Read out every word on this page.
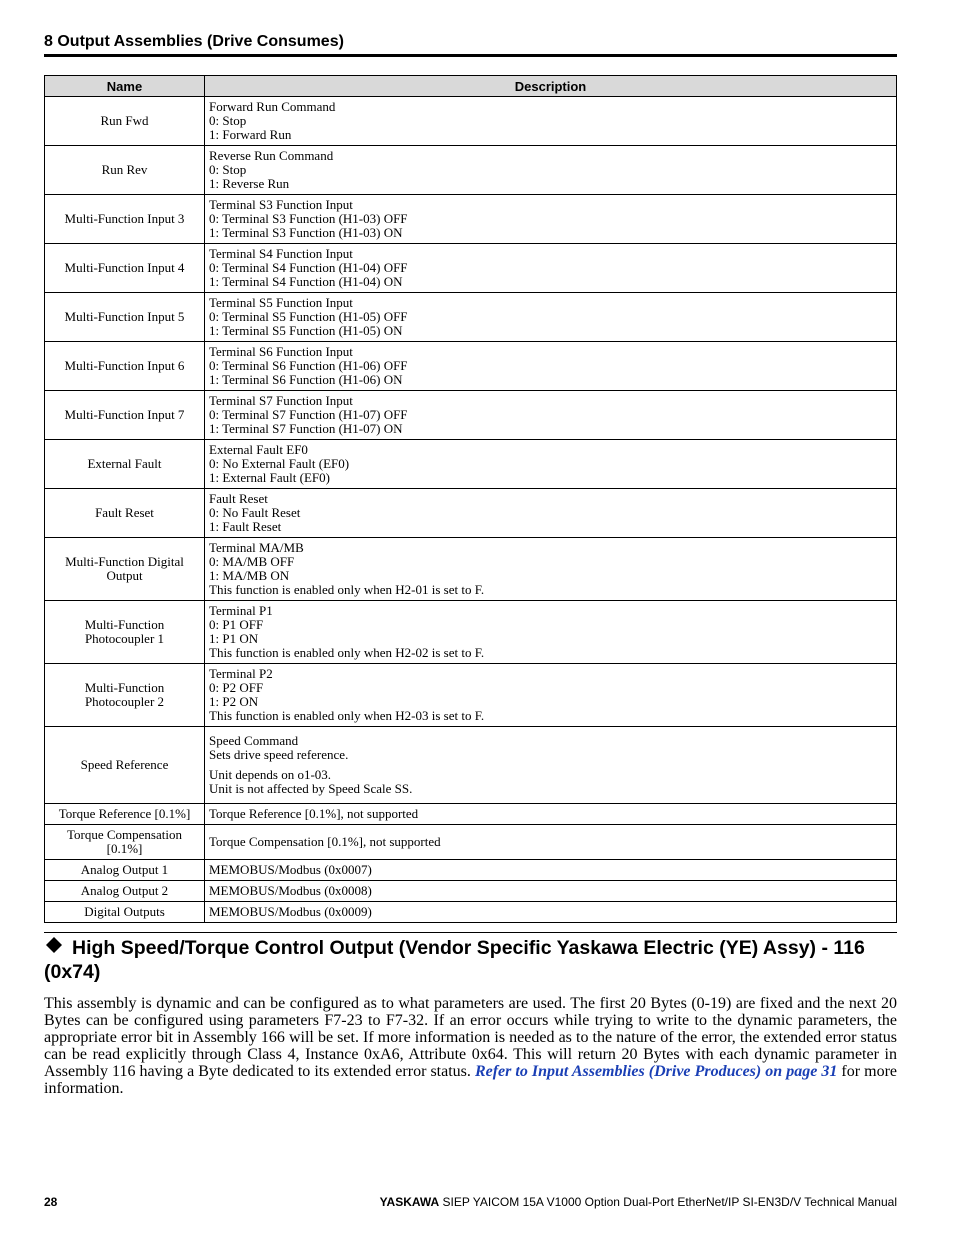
8 Output Assemblies (Drive Consumes)
Name	Description
Run Fwd	Forward Run Command
0: Stop
1: Forward Run

Run Rev	Reverse Run Command
0: Stop
1: Reverse Run

Multi-Function Input 3	Terminal S3 Function Input
0: Terminal S3 Function (H1-03) OFF
1: Terminal S3 Function (H1-03) ON

Multi-Function Input 4	Terminal S4 Function Input
0: Terminal S4 Function (H1-04) OFF
1: Terminal S4 Function (H1-04) ON

Multi-Function Input 5	Terminal S5 Function Input
0: Terminal S5 Function (H1-05) OFF
1: Terminal S5 Function (H1-05) ON

Multi-Function Input 6	Terminal S6 Function Input
0: Terminal S6 Function (H1-06) OFF
1: Terminal S6 Function (H1-06) ON

Multi-Function Input 7	Terminal S7 Function Input
0: Terminal S7 Function (H1-07) OFF
1: Terminal S7 Function (H1-07) ON

External Fault	External Fault EF0
0: No External Fault (EF0)
1: External Fault (EF0)

Fault Reset	Fault Reset
0: No Fault Reset
1: Fault Reset

Multi-Function Digital Output	Terminal MA/MB
0: MA/MB OFF
1: MA/MB ON
This function is enabled only when H2-01 is set to F.

Multi-Function Photocoupler 1	Terminal P1
0: P1 OFF
1: P1 ON
This function is enabled only when H2-02 is set to F.

Multi-Function Photocoupler 2	Terminal P2
0: P2 OFF
1: P2 ON
This function is enabled only when H2-03 is set to F.

Speed Reference	Speed Command
Sets drive speed reference.
Unit depends on o1-03.
Unit is not affected by Speed Scale SS.

Torque Reference [0.1%]	Torque Reference [0.1%], not supported

Torque Compensation [0.1%]	Torque Compensation [0.1%], not supported

Analog Output 1	MEMOBUS/Modbus (0x0007)

Analog Output 2	MEMOBUS/Modbus (0x0008)

Digital Outputs	MEMOBUS/Modbus (0x0009)
High Speed/Torque Control Output (Vendor Specific Yaskawa Electric (YE) Assy) - 116 (0x74)
This assembly is dynamic and can be configured as to what parameters are used. The first 20 Bytes (0-19) are fixed and the next 20 Bytes can be configured using parameters F7-23 to F7-32. If an error occurs while trying to write to the dynamic parameters, the appropriate error bit in Assembly 166 will be set. If more information is needed as to the nature of the error, the extended error status can be read explicitly through Class 4, Instance 0xA6, Attribute 0x64. This will return 20 Bytes with each dynamic parameter in Assembly 116 having a Byte dedicated to its extended error status. Refer to Input Assemblies (Drive Produces) on page 31 for more information.
28	YASKAWA SIEP YAICOM 15A V1000 Option Dual-Port EtherNet/IP SI-EN3D/V Technical Manual
